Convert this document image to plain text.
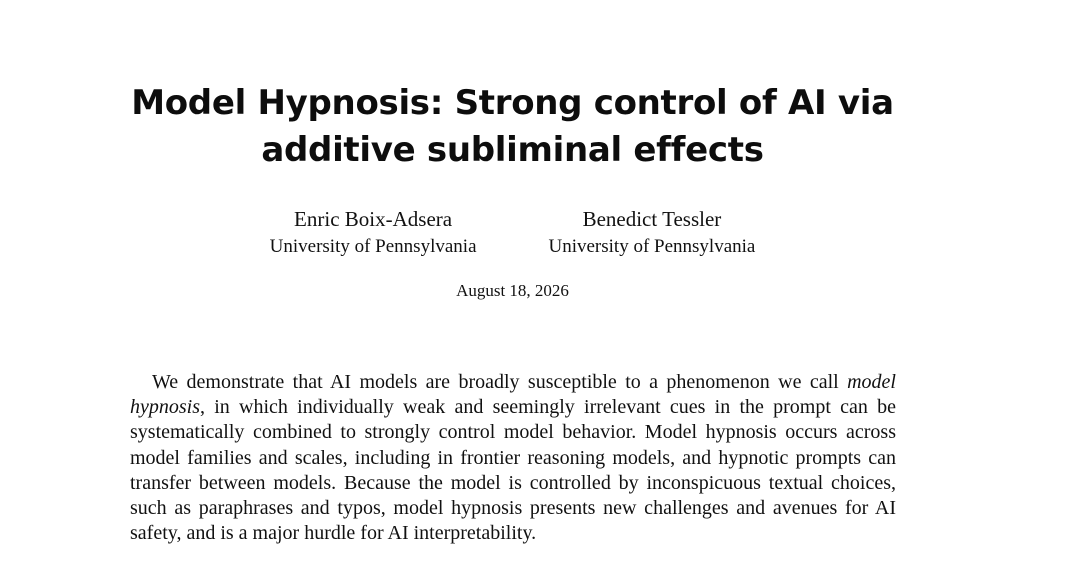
Model Hypnosis: Strong control of AI via
additive subliminal effects
Enric Boix-Adsera
University of Pennsylvania
Benedict Tessler
University of Pennsylvania
August 18, 2026

We demonstrate that AI models are broadly susceptible to a phenomenon we call model hypnosis, in which individually weak and seemingly irrelevant cues in the prompt can be systematically combined to strongly control model behavior. Model hypnosis occurs across model families and scales, including in frontier reasoning models, and hypnotic prompts can transfer between models. Because the model is controlled by inconspicuous textual choices, such as paraphrases and typos, model hypnosis presents new challenges and avenues for AI safety, and is a major hurdle for AI interpretability.
